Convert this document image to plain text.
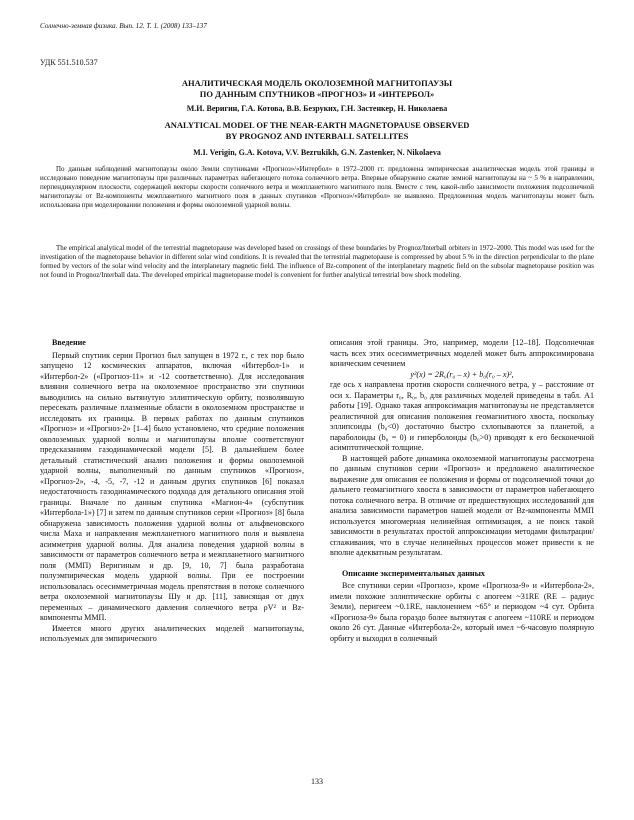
Солнечно-земная физика. Вып. 12. Т. 1. (2008) 133–137
УДК 551.510.537
АНАЛИТИЧЕСКАЯ МОДЕЛЬ ОКОЛОЗЕМНОЙ МАГНИТОПАУЗЫ
ПО ДАННЫМ СПУТНИКОВ «ПРОГНОЗ» И «ИНТЕРБОЛ»
М.И. Веригин, Г.А. Котова, В.В. Безруких, Г.Н. Застенкер, Н. Николаева
ANALYTICAL MODEL OF THE NEAR-EARTH MAGNETOPAUSE OBSERVED
BY PROGNOZ AND INTERBALL SATELLITES
M.I. Verigin, G.A. Kotova, V.V. Bezrukikh, G.N. Zastenker, N. Nikolaeva
По данным наблюдений магнитопаузы около Земли спутниками «Прогноз»/«Интербол» в 1972–2000 гг. предложена эмпирическая аналитическая модель этой границы и исследовано поведение магнитопаузы при различных параметрах набегающего потока солнечного ветра. Впервые обнаружено сжатие земной магнитопаузы на ~ 5 % в направлении, перпендикулярном плоскости, содержащей векторы скорости солнечного ветра и межпланетного магнитного поля. Вместе с тем, какой-либо зависимости положения подсолнечной магнитопаузы от Bz-компоненты межпланетного магнитного поля в данных спутников «Прогноз»/«Интербол» не выявлено. Предложенная модель магнитопаузы может быть использована при моделировании положения и формы околоземной ударной волны.
The empirical analytical model of the terrestrial magnetopause was developed based on crossings of these boundaries by Prognoz/Interball orbiters in 1972–2000. This model was used for the investigation of the magnetopause behavior in different solar wind conditions. It is revealed that the terrestrial magnetopause is compressed by about 5 % in the direction perpendicular to the plane formed by vectors of the solar wind velocity and the interplanetary magnetic field. The influence of Bz-component of the interplanetary magnetic field on the subsolar magnetopause position was not found in Prognoz/Interball data. The developed empirical magnetopause model is convenient for further analytical terrestrial bow shock modeling.
Введение

Первый спутник серии Прогноз был запущен в 1972 г., с тех пор было запущено 12 космических аппаратов, включая «Интербол-1» и «Интербол-2» («Прогноз-11» и -12 соответственно). Для исследования влияния солнечного ветра на околоземное пространство эти спутники выводились на сильно вытянутую эллиптическую орбиту, позволявшую пересекать различные плазменные области в околоземном пространстве и исследовать их границы. В первых работах по данным спутников «Прогноз» и «Прогноз-2» [1–4] было установлено, что средние положения околоземных ударной волны и магнитопаузы вполне соответствуют предсказаниям газодинамической модели [5]. В дальнейшем более детальный статистический анализ положения и формы околоземной ударной волны, выполненный по данным спутников «Прогноз», «Прогноз-2», -4, -5, -7, -12 и данным других спутников [6] показал недостаточность газодинамического подхода для детального описания этой границы. Вначале по данным спутника «Магион-4» (субспутник «Интербола-1») [7] и затем по данным спутников серии «Прогноз» [8] была обнаружена зависимость положения ударной волны от альфвеновского числа Маха и направления межпланетного магнитного поля и выявлена асимметрия ударной волны. Для анализа поведения ударной волны в зависимости от параметров солнечного ветра и межпланетного магнитного поля (ММП) Веригиным и др. [9, 10, 7] была разработана полуэмпирическая модель ударной волны. При ее построении использовалась осесимметричная модель препятствия в потоке солнечного ветра околоземной магнитопаузы Шу и др. [11], зависящая от двух переменных – динамического давления солнечного ветра ρV² и Bz-компоненты ММП.

Имеется много других аналитических моделей магнитопаузы, используемых для эмпирического

описания этой границы. Это, например, модели [12–18]. Подсолнечная часть всех этих осесимметричных моделей может быть аппроксимирована коническим сечением

y²(x) = 2R₀(r₀ – x) + b₀(r₀ – x)²,

где ось x направлена против скорости солнечного ветра, y – расстояние от оси x. Параметры r₀, R₀, b₀ для различных моделей приведены в табл. А1 работы [19]. Однако такая аппроксимация магнитопаузы не представляется реалистичной для описания положения геомагнитного хвоста, поскольку эллипсоиды (b₀<0) достаточно быстро схлопываются за планетой, а параболоиды (b₀ = 0) и гиперболоиды (b₀>0) приводят к его бесконечной асимптотической толщине.

В настоящей работе динамика околоземной магнитопаузы рассмотрена по данным спутников серии «Прогноз» и предложено аналитическое выражение для описания ее положения и формы от подсолнечной точки до дальнего геомагнитного хвоста в зависимости от параметров набегающего потока солнечного ветра. В отличие от предшествующих исследований для анализа зависимости параметров нашей модели от Bz-компоненты ММП используется многомерная нелинейная оптимизация, а не поиск такой зависимости в результатах простой аппроксимации методами фильтрации/сглаживания, что в случае нелинейных процессов может привести к не вполне адекватным результатам.

Описание экспериментальных данных

Все спутники серии «Прогноз», кроме «Прогноза-9» и «Интербола-2», имели похожие эллиптические орбиты с апогеем ~31RE (RE – радиус Земли), перигеем ~0.1RE, наклонением ~65° и периодом ~4 сут. Орбита «Прогноза-9» была гораздо более вытянутая с апогеем ~110RE и периодом около 26 сут. Данные «Интербола-2», который имел ~6-часовую полярную орбиту и выходил в солнечный

133
